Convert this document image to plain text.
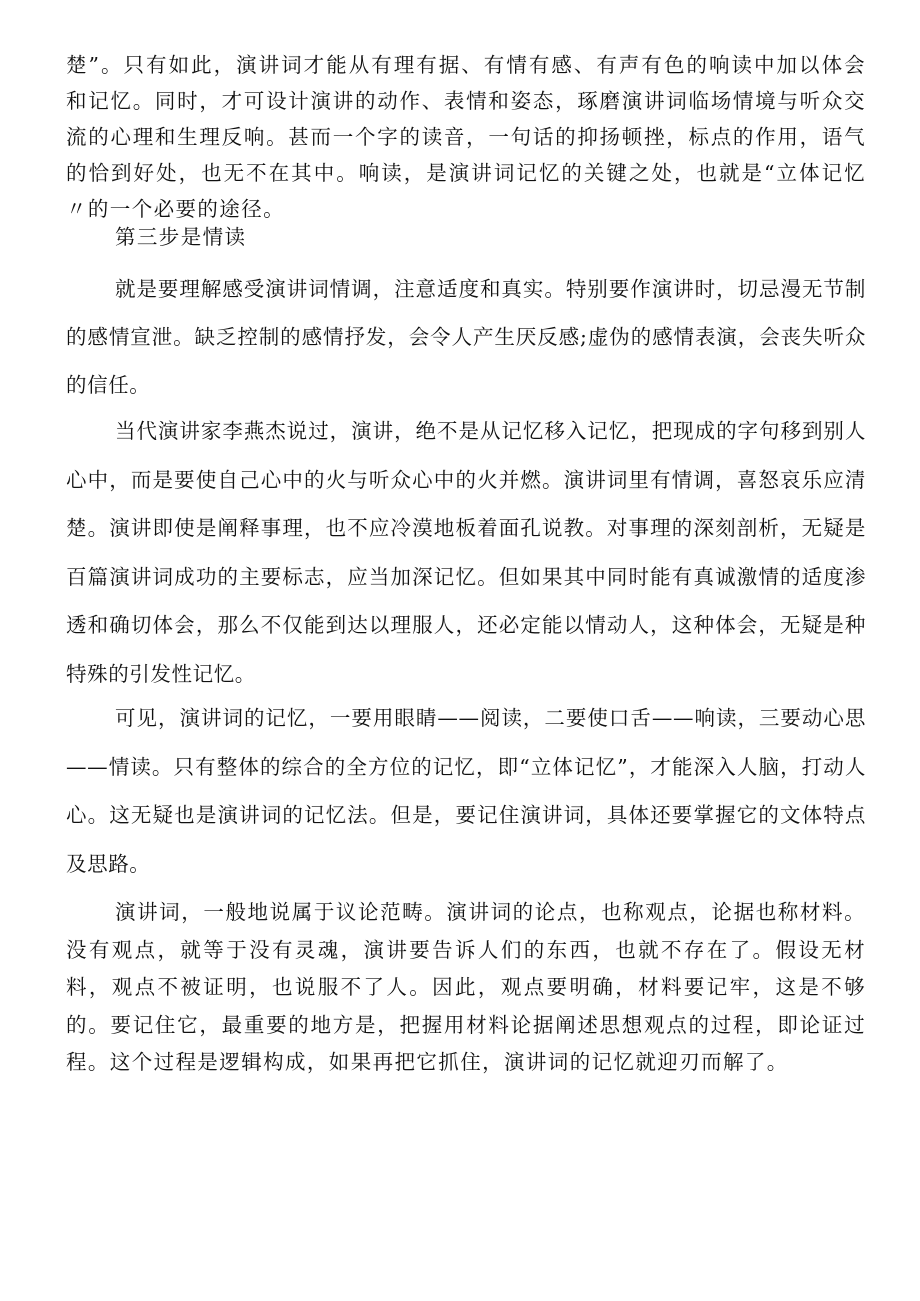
楚”。只有如此，演讲词才能从有理有据、有情有感、有声有色的响读中加以体会和记忆。同时，才可设计演讲的动作、表情和姿态，琢磨演讲词临场情境与听众交流的心理和生理反响。甚而一个字的读音，一句话的抑扬顿挫，标点的作用，语气的恰到好处，也无不在其中。响读，是演讲词记忆的关键之处，也就是“立体记忆〃的一个必要的途径。

第三步是情读

就是要理解感受演讲词情调，注意适度和真实。特别要作演讲时，切忌漫无节制的感情宣泄。缺乏控制的感情抒发，会令人产生厌反感;虚伪的感情表演，会丧失听众的信任。

当代演讲家李燕杰说过，演讲，绝不是从记忆移入记忆，把现成的字句移到别人心中，而是要使自己心中的火与听众心中的火并燃。演讲词里有情调，喜怒哀乐应清楚。演讲即使是阐释事理，也不应冷漠地板着面孔说教。对事理的深刻剖析，无疑是百篇演讲词成功的主要标志，应当加深记忆。但如果其中同时能有真诚激情的适度渗透和确切体会，那么不仅能到达以理服人，还必定能以情动人，这种体会，无疑是种特殊的引发性记忆。

可见，演讲词的记忆，一要用眼睛——阅读，二要使口舌——响读，三要动心思——情读。只有整体的综合的全方位的记忆，即“立体记忆”，才能深入人脑，打动人心。这无疑也是演讲词的记忆法。但是，要记住演讲词，具体还要掌握它的文体特点及思路。

演讲词，一般地说属于议论范畴。演讲词的论点，也称观点，论据也称材料。没有观点，就等于没有灵魂，演讲要告诉人们的东西，也就不存在了。假设无材料，观点不被证明，也说服不了人。因此，观点要明确，材料要记牢，这是不够的。要记住它，最重要的地方是，把握用材料论据阐述思想观点的过程，即论证过程。这个过程是逻辑构成，如果再把它抓住，演讲词的记忆就迎刃而解了。
